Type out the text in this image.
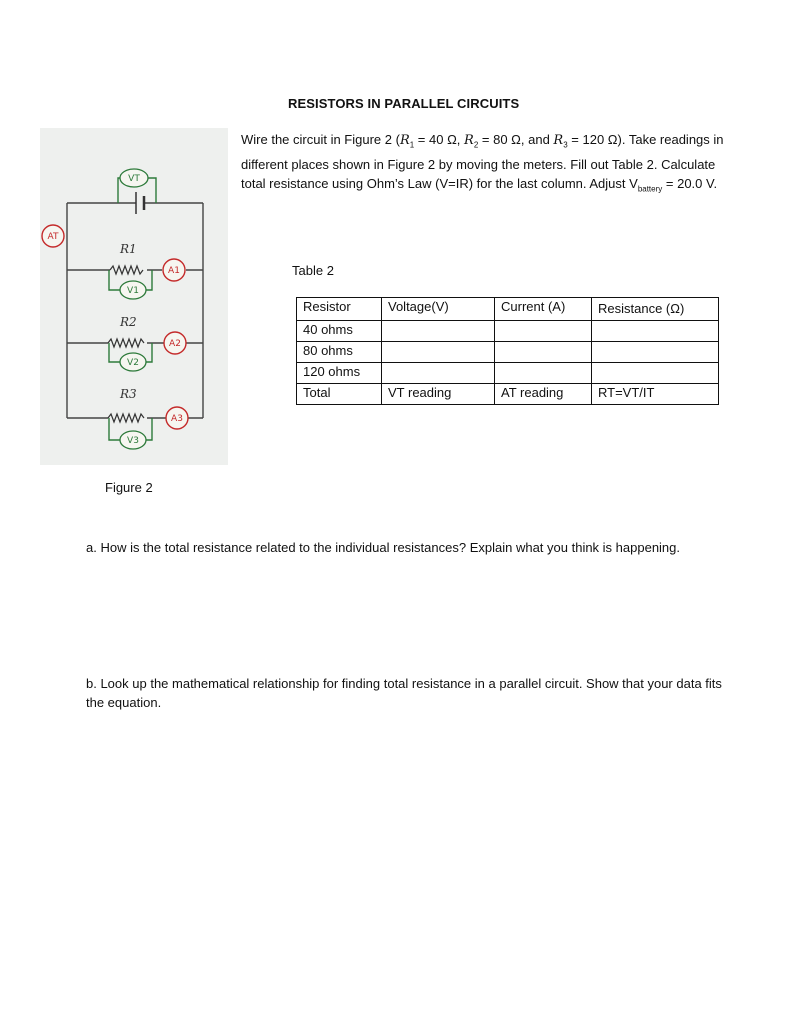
RESISTORS IN PARALLEL CIRCUITS
Wire the circuit in Figure 2 ($R_1 = 40$ Ω, $R_2 = 80$ Ω, and $R_3 = 120$ Ω). Take readings in different places shown in Figure 2 by moving the meters. Fill out Table 2. Calculate total resistance using Ohm’s Law (V=IR) for the last column. Adjust $V_{battery} = 20.0$ V.
R1
R2
R3
VT
V1
V2
V3
AT
A1
A2
A3
Figure 2
Table 2
Resistor	Voltage(V)	Current (A)	Resistance (Ω)
40 ohms			
80 ohms			
120 ohms			
Total	VT reading	AT reading	RT=VT/IT
a. How is the total resistance related to the individual resistances? Explain what you think is happening.
b. Look up the mathematical relationship for finding total resistance in a parallel circuit. Show that your data fits the equation.
